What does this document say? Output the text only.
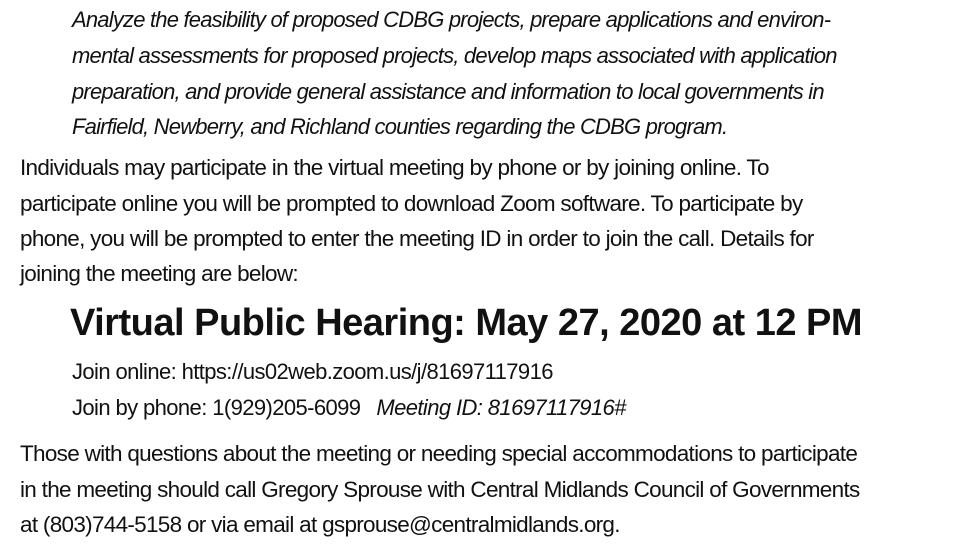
Analyze the feasibility of proposed CDBG projects, prepare applications and environ-
mental assessments for proposed projects, develop maps associated with application
preparation, and provide general assistance and information to local governments in
Fairfield, Newberry, and Richland counties regarding the CDBG program.
Individuals may participate in the virtual meeting by phone or by joining online. To
participate online you will be prompted to download Zoom software. To participate by
phone, you will be prompted to enter the meeting ID in order to join the call. Details for
joining the meeting are below:
Virtual Public Hearing: May 27, 2020 at 12 PM
Join online: https://us02web.zoom.us/j/81697117916
Join by phone: 1(929)205-6099 Meeting ID: 81697117916#
Those with questions about the meeting or needing special accommodations to participate
in the meeting should call Gregory Sprouse with Central Midlands Council of Governments
at (803)744-5158 or via email at gsprouse@centralmidlands.org.
